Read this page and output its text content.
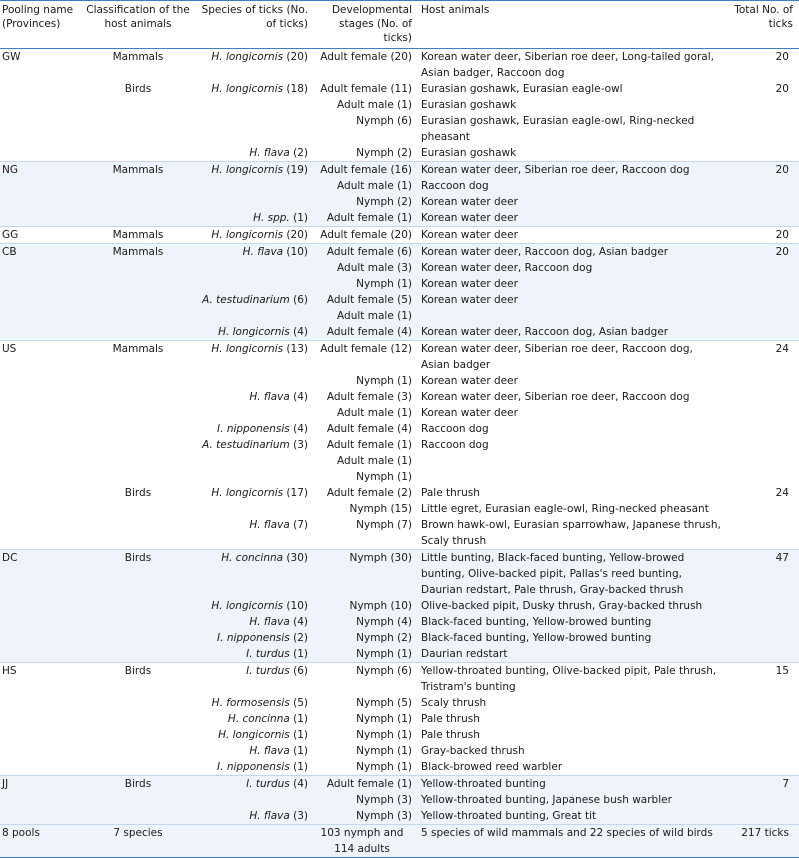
Pooling name (Provinces)	Classification of the host animals	Species of ticks (No. of ticks)	Developmental stages (No. of ticks)	Host animals	Total No. of ticks
GW	Mammals	H. longicornis (20)	Adult female (20)	Korean water deer, Siberian roe deer, Long-tailed goral, Asian badger, Raccoon dog	20
	Birds	H. longicornis (18)	Adult female (11)	Eurasian goshawk, Eurasian eagle-owl	20
			Adult male (1)	Eurasian goshawk	
			Nymph (6)	Eurasian goshawk, Eurasian eagle-owl, Ring-necked pheasant	
		H. flava (2)	Nymph (2)	Eurasian goshawk	
NG	Mammals	H. longicornis (19)	Adult female (16)	Korean water deer, Siberian roe deer, Raccoon dog	20
			Adult male (1)	Raccoon dog	
			Nymph (2)	Korean water deer	
		H. spp. (1)	Adult female (1)	Korean water deer	
GG	Mammals	H. longicornis (20)	Adult female (20)	Korean water deer	20
CB	Mammals	H. flava (10)	Adult female (6)	Korean water deer, Raccoon dog, Asian badger	20
			Adult male (3)	Korean water deer, Raccoon dog	
			Nymph (1)	Korean water deer	
		A. testudinarium (6)	Adult female (5)	Korean water deer	
			Adult male (1)		
		H. longicornis (4)	Adult female (4)	Korean water deer, Raccoon dog, Asian badger	
US	Mammals	H. longicornis (13)	Adult female (12)	Korean water deer, Siberian roe deer, Raccoon dog, Asian badger	24
			Nymph (1)	Korean water deer	
		H. flava (4)	Adult female (3)	Korean water deer, Siberian roe deer, Raccoon dog	
			Adult male (1)	Korean water deer	
		I. nipponensis (4)	Adult female (4)	Raccoon dog	
		A. testudinarium (3)	Adult female (1)	Raccoon dog	
			Adult male (1)		
			Nymph (1)		
	Birds	H. longicornis (17)	Adult female (2)	Pale thrush	24
			Nymph (15)	Little egret, Eurasian eagle-owl, Ring-necked pheasant	
		H. flava (7)	Nymph (7)	Brown hawk-owl, Eurasian sparrowhaw, Japanese thrush, Scaly thrush	
DC	Birds	H. concinna (30)	Nymph (30)	Little bunting, Black-faced bunting, Yellow-browed bunting, Olive-backed pipit, Pallas's reed bunting, Daurian redstart, Pale thrush, Gray-backed thrush	47
		H. longicornis (10)	Nymph (10)	Olive-backed pipit, Dusky thrush, Gray-backed thrush	
		H. flava (4)	Nymph (4)	Black-faced bunting, Yellow-browed bunting	
		I. nipponensis (2)	Nymph (2)	Black-faced bunting, Yellow-browed bunting	
		I. turdus (1)	Nymph (1)	Daurian redstart	
HS	Birds	I. turdus (6)	Nymph (6)	Yellow-throated bunting, Olive-backed pipit, Pale thrush, Tristram's bunting	15
		H. formosensis (5)	Nymph (5)	Scaly thrush	
		H. concinna (1)	Nymph (1)	Pale thrush	
		H. longicornis (1)	Nymph (1)	Pale thrush	
		H. flava (1)	Nymph (1)	Gray-backed thrush	
		I. nipponensis (1)	Nymph (1)	Black-browed reed warbler	
JJ	Birds	I. turdus (4)	Adult female (1)	Yellow-throated bunting	7
			Nymph (3)	Yellow-throated bunting, Japanese bush warbler	
		H. flava (3)	Nymph (3)	Yellow-throated bunting, Great tit	
8 pools	7 species		103 nymph and 114 adults	5 species of wild mammals and 22 species of wild birds	217 ticks
